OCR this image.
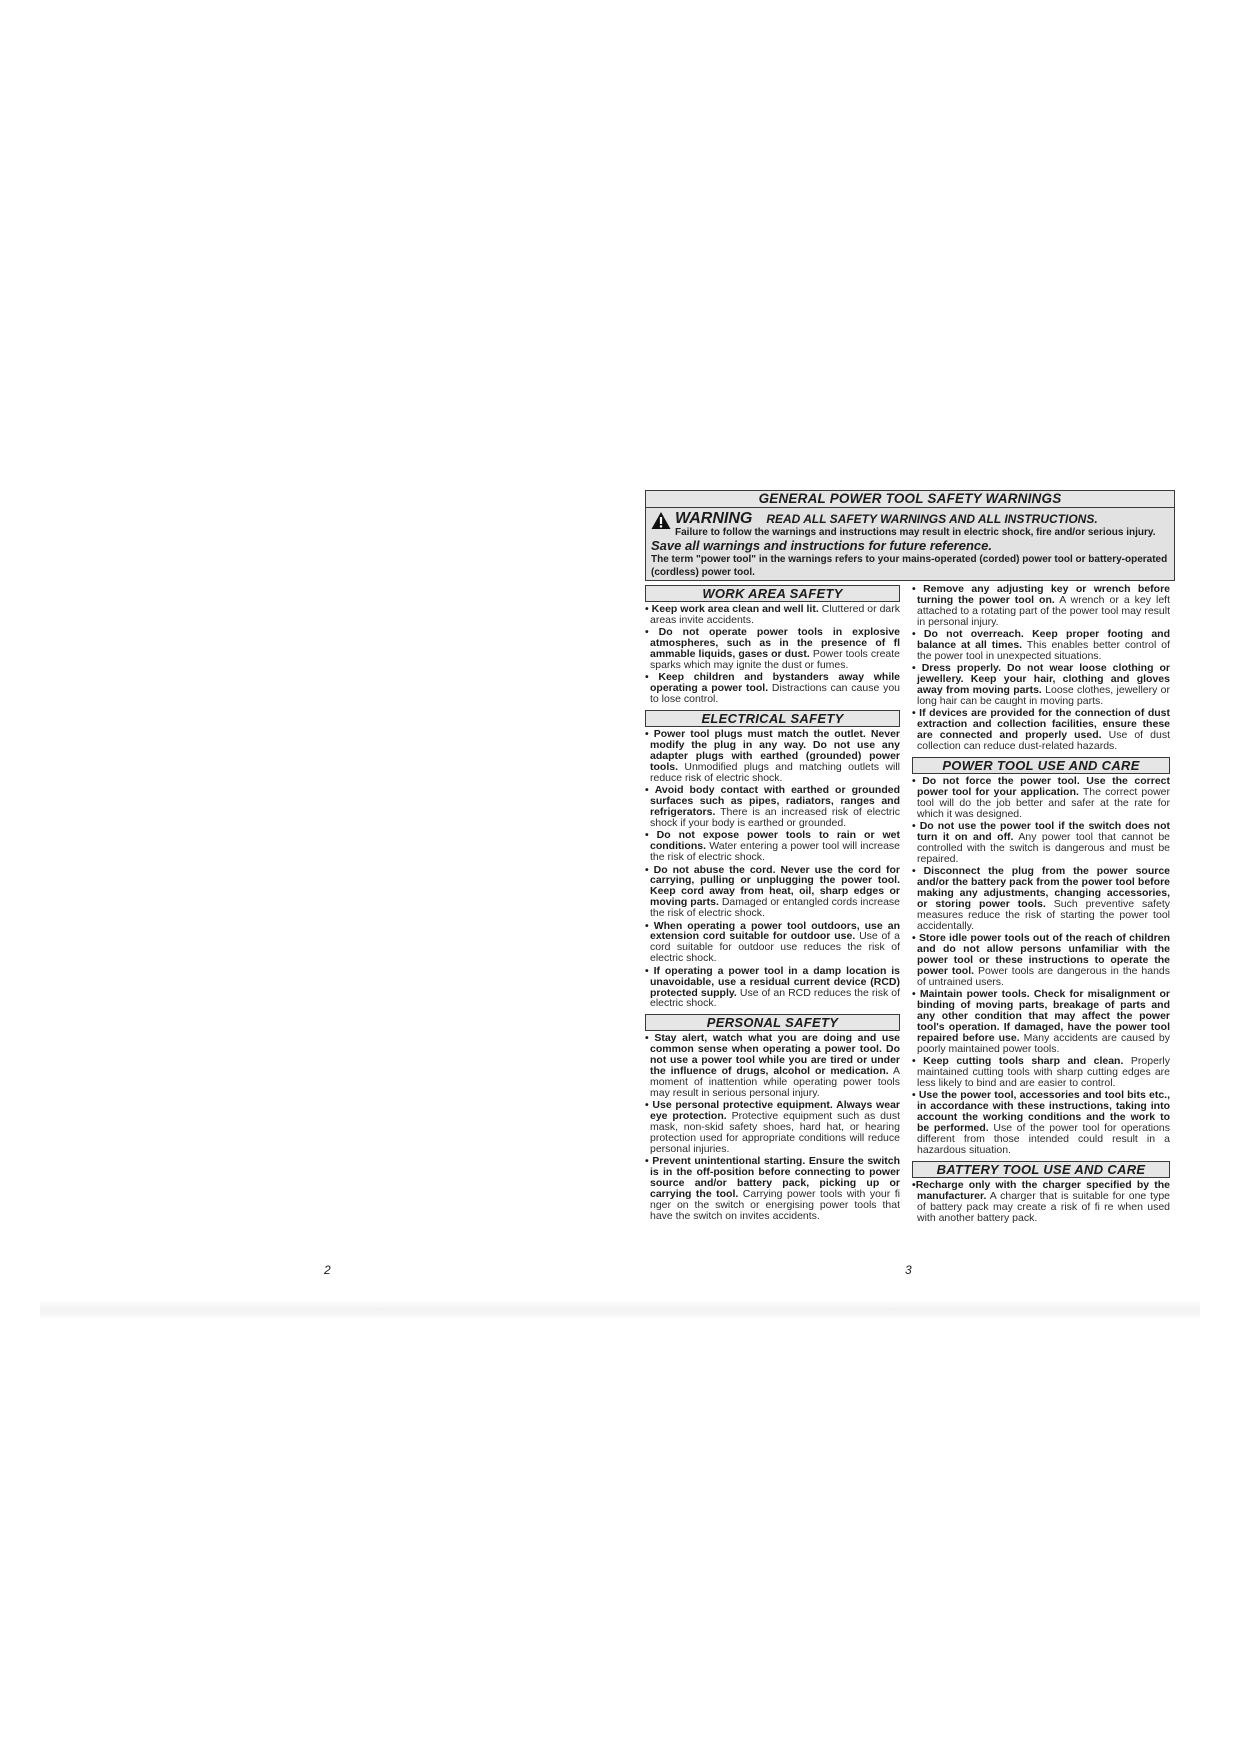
GENERAL POWER TOOL SAFETY WARNINGS
WARNING READ ALL SAFETY WARNINGS AND ALL INSTRUCTIONS.

Failure to follow the warnings and instructions may result in electric shock, ﬁre and/or serious injury. Save all warnings and instructions for future reference.

The term "power tool" in the warnings refers to your mains-operated (corded) power tool or battery-operated (cordless) power tool.

WORK AREA SAFETY

• Keep work area clean and well lit. Cluttered or dark areas invite accidents.

• Do not operate power tools in explosive atmospheres, such as in the presence of ﬂ ammable liquids, gases or dust. Power tools create sparks which may ignite the dust or fumes.

• Keep children and bystanders away while operating a power tool. Distractions can cause you to lose control.

ELECTRICAL SAFETY

• Power tool plugs must match the outlet. Never modify the plug in any way. Do not use any adapter plugs with earthed (grounded) power tools. Unmodified plugs and matching outlets will reduce risk of electric shock.

• Avoid body contact with earthed or grounded surfaces such as pipes, radiators, ranges and refrigerators. There is an increased risk of electric shock if your body is earthed or grounded.

• Do not expose power tools to rain or wet conditions. Water entering a power tool will increase the risk of electric shock.

• Do not abuse the cord. Never use the cord for carrying, pulling or unplugging the power tool. Keep cord away from heat, oil, sharp edges or moving parts. Damaged or entangled cords increase the risk of electric shock.

• When operating a power tool outdoors, use an extension cord suitable for outdoor use. Use of a cord suitable for outdoor use reduces the risk of electric shock.

• If operating a power tool in a damp location is unavoidable, use a residual current device (RCD) protected supply. Use of an RCD reduces the risk of electric shock.

PERSONAL SAFETY

• Stay alert, watch what you are doing and use common sense when operating a power tool. Do not use a power tool while you are tired or under the inﬂuence of drugs, alcohol or medication. A moment of inattention while operating power tools may result in serious personal injury.

• Use personal protective equipment. Always wear eye protection. Protective equipment such as dust mask, non-skid safety shoes, hard hat, or hearing protection used for appropriate conditions will reduce personal injuries.

• Prevent unintentional starting. Ensure the switch is in the off-position before connecting to power source and/or battery pack, picking up or carrying the tool. Carrying power tools with your ﬁ nger on the switch or energising power tools that have the switch on invites accidents.

• Remove any adjusting key or wrench before turning the power tool on. A wrench or a key left attached to a rotating part of the power tool may result in personal injury.

• Do not overreach. Keep proper footing and balance at all times. This enables better control of the power tool in unexpected situations.

• Dress properly. Do not wear loose clothing or jewellery. Keep your hair, clothing and gloves away from moving parts. Loose clothes, jewellery or long hair can be caught in moving parts.

• If devices are provided for the connection of dust extraction and collection facilities, ensure these are connected and properly used. Use of dust collection can reduce dust-related hazards.

POWER TOOL USE AND CARE

• Do not force the power tool. Use the correct power tool for your application. The correct power tool will do the job better and safer at the rate for which it was designed.

• Do not use the power tool if the switch does not turn it on and off. Any power tool that cannot be controlled with the switch is dangerous and must be repaired.

• Disconnect the plug from the power source and/or the battery pack from the power tool before making any adjustments, changing accessories, or storing power tools. Such preventive safety measures reduce the risk of starting the power tool accidentally.

• Store idle power tools out of the reach of children and do not allow persons unfamiliar with the power tool or these instructions to operate the power tool. Power tools are dangerous in the hands of untrained users.

• Maintain power tools. Check for misalignment or binding of moving parts, breakage of parts and any other condition that may affect the power tool's operation. If damaged, have the power tool repaired before use. Many accidents are caused by poorly maintained power tools.

• Keep cutting tools sharp and clean. Properly maintained cutting tools with sharp cutting edges are less likely to bind and are easier to control.

• Use the power tool, accessories and tool bits etc., in accordance with these instructions, taking into account the working conditions and the work to be performed. Use of the power tool for operations different from those intended could result in a hazardous situation.

BATTERY TOOL USE AND CARE

• Recharge only with the charger speciﬁed by the manufacturer. A charger that is suitable for one type of battery pack may create a risk of ﬁ re when used with another battery pack.

2	3
